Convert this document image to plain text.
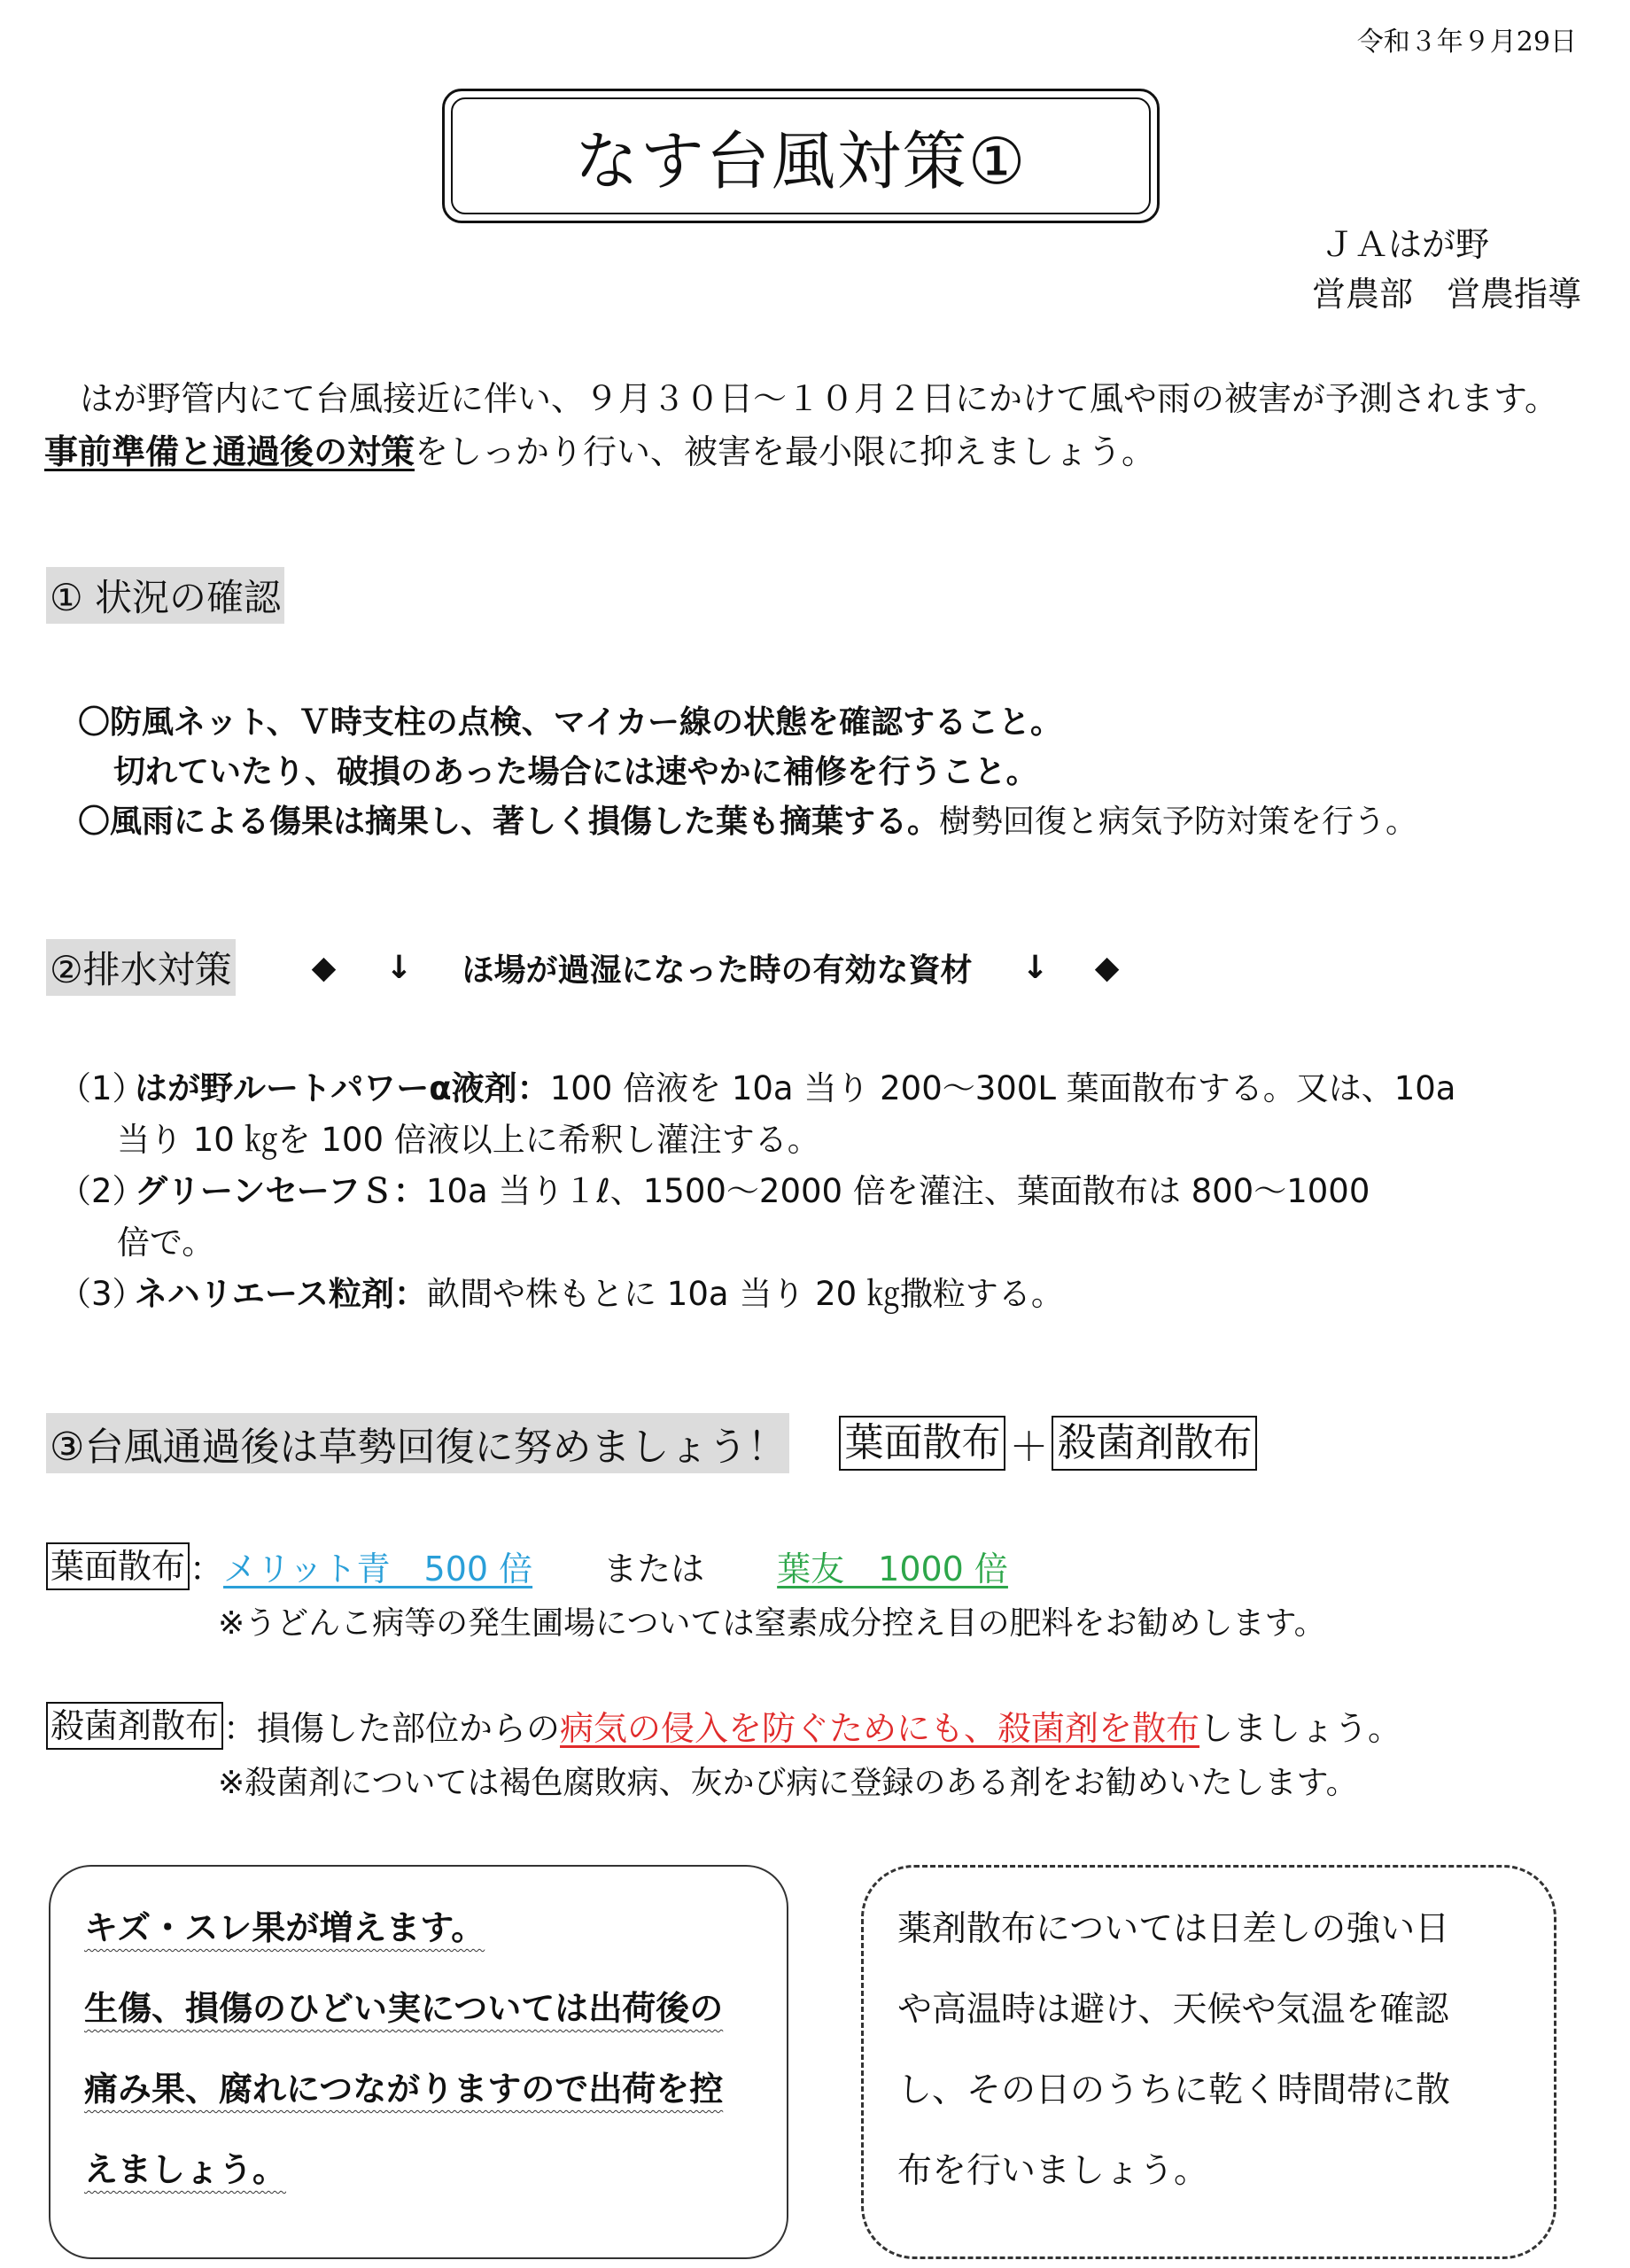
令和３年９月29日
なす台風対策①
ＪＡはが野
営農部　営農指導
はが野管内にて台風接近に伴い、９月３０日～１０月２日にかけて風や雨の被害が予測されます。
事前準備と通過後の対策をしっかり行い、被害を最小限に抑えましょう。
① 状況の確認
〇防風ネット、Ｖ時支柱の点検、マイカー線の状態を確認すること。
切れていたり、破損のあった場合には速やかに補修を行うこと。
〇風雨による傷果は摘果し、著しく損傷した葉も摘葉する。樹勢回復と病気予防対策を行う。
②排水対策	◆ ↓ ほ場が過湿になった時の有効な資材 ↓ ◆
（1）
はが野ルートパワーα液剤：100 倍液を 10a 当り 200～300L 葉面散布する。又は、10a
当り 10 ㎏を 100 倍液以上に希釈し灌注する。
（2）
グリーンセーフＳ：10a 当り１ℓ、1500～2000 倍を灌注、葉面散布は 800～1000
倍で。
（3）
ネハリエース粒剤：畝間や株もとに 10a 当り 20 ㎏撒粒する。
③台風通過後は草勢回復に努めましょう！ 葉面散布 ＋ 殺菌剤散布
葉面散布 ： メリット青　500 倍 または 葉友　1000 倍
※うどんこ病等の発生圃場については窒素成分控え目の肥料をお勧めします。
殺菌剤散布 ：損傷した部位からの 病気の侵入を防ぐためにも、殺菌剤を散布 しましょう。
※殺菌剤については褐色腐敗病、灰かび病に登録のある剤をお勧めいたします。
キズ・スレ果が増えます。
生傷、損傷のひどい実については出荷後の
痛み果、腐れにつながりますので出荷を控
えましょう。
薬剤散布については日差しの強い日
や高温時は避け、天候や気温を確認
し、その日のうちに乾く時間帯に散
布を行いましょう。
